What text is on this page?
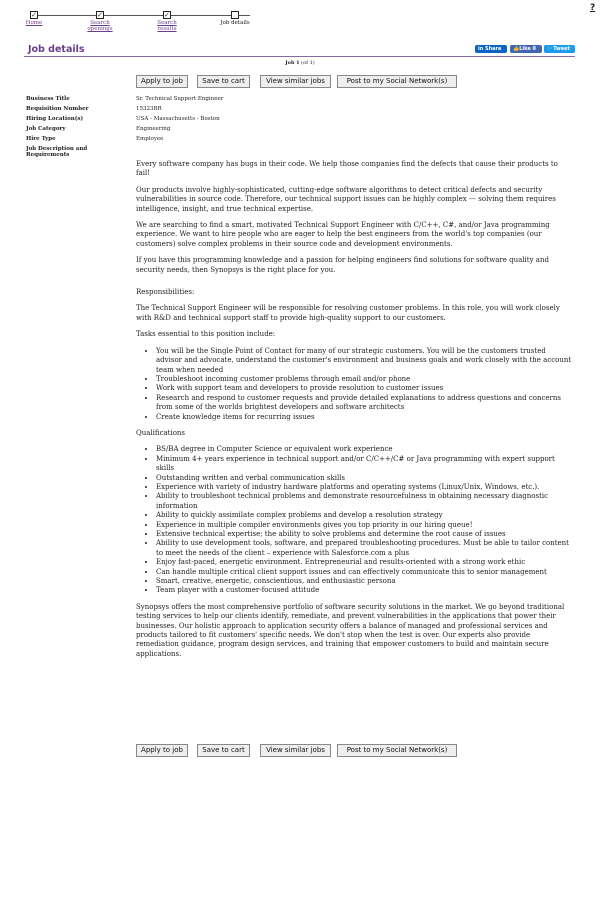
?
✓
Home
✓
Search openings
✓
Search results
Job details
Job details	in Share	👍Like 0	🐦Tweet
Job 1 (of 1)
Apply to job	Save to cart	View similar jobs	Post to my Social Network(s)
Business Title	Sr. Technical Support Engineer
Requisition Number	15323BR
Hiring Location(s)	USA - Massachusetts - Boston
Job Category	Engineering
Hire Type	Employee
Job Description and Requirements

Every software company has bugs in their code. We help those companies find the defects that cause their products to fail!

Our products involve highly-sophisticated, cutting-edge software algorithms to detect critical defects and security vulnerabilities in source code. Therefore, our technical support issues can be highly complex --- solving them requires intelligence, insight, and true technical expertise.

We are searching to find a smart, motivated Technical Support Engineer with C/C++, C#, and/or Java programming experience. We want to hire people who are eager to help the best engineers from the world's top companies (our customers) solve complex problems in their source code and development environments.

If you have this programming knowledge and a passion for helping engineers find solutions for software quality and security needs, then Synopsys is the right place for you.

Responsibilities:

The Technical Support Engineer will be responsible for resolving customer problems. In this role, you will work closely with R&D and technical support staff to provide high-quality support to our customers.

Tasks essential to this position include:

• You will be the Single Point of Contact for many of our strategic customers. You will be the customers trusted advisor and advocate, understand the customer's environment and business goals and work closely with the account team when needed
• Troubleshoot incoming customer problems through email and/or phone
• Work with support team and developers to provide resolution to customer issues
• Research and respond to customer requests and provide detailed explanations to address questions and concerns from some of the worlds brightest developers and software architects
• Create knowledge items for recurring issues

Qualifications

• BS/BA degree in Computer Science or equivalent work experience
• Minimum 4+ years experience in technical support and/or C/C++/C# or Java programming with expert support skills
• Outstanding written and verbal communication skills
• Experience with variety of industry hardware platforms and operating systems (Linux/Unix, Windows, etc.).
• Ability to troubleshoot technical problems and demonstrate resourcefulness in obtaining necessary diagnostic information
• Ability to quickly assimilate complex problems and develop a resolution strategy
• Experience in multiple compiler environments gives you top priority in our hiring queue!
• Extensive technical expertise; the ability to solve problems and determine the root cause of issues
• Ability to use development tools, software, and prepared troubleshooting procedures. Must be able to tailor content to meet the needs of the client – experience with Salesforce.com a plus
• Enjoy fast-paced, energetic environment. Entrepreneurial and results-oriented with a strong work ethic
• Can handle multiple critical client support issues and can effectively communicate this to senior management
• Smart, creative, energetic, conscientious, and enthusiastic persona
• Team player with a customer-focused attitude

Synopsys offers the most comprehensive portfolio of software security solutions in the market. We go beyond traditional testing services to help our clients identify, remediate, and prevent vulnerabilities in the applications that power their businesses. Our holistic approach to application security offers a balance of managed and professional services and products tailored to fit customers' specific needs. We don't stop when the test is over. Our experts also provide remediation guidance, program design services, and training that empower customers to build and maintain secure applications.

Apply to job	Save to cart	View similar jobs	Post to my Social Network(s)
